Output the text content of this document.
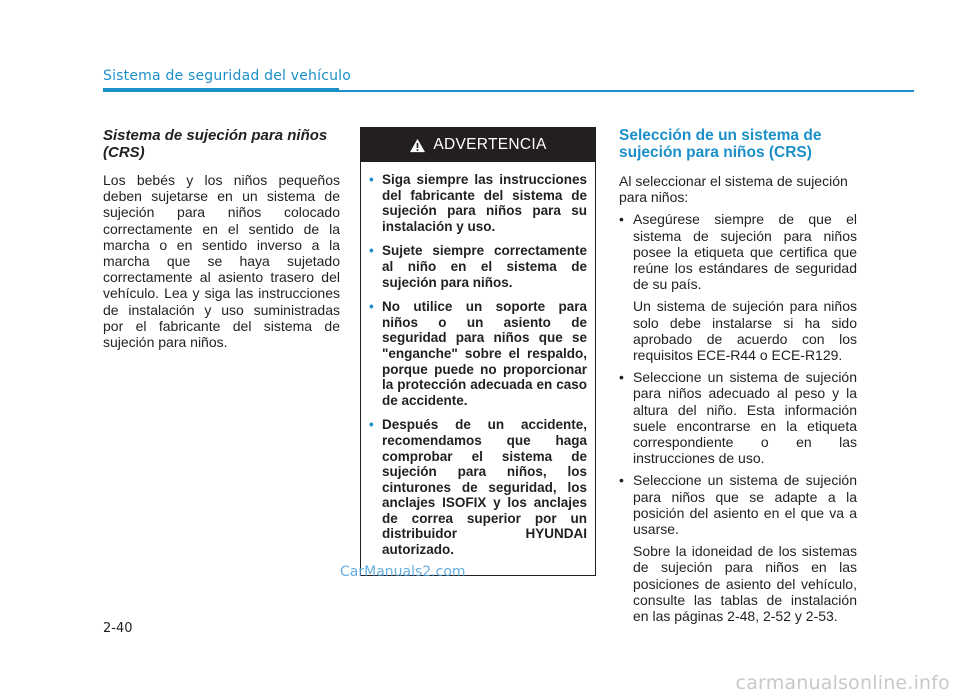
Sistema de seguridad del vehículo
Sistema de sujeción para niños (CRS)

Los bebés y los niños pequeños deben sujetarse en un sistema de sujeción para niños colocado correctamente en el sentido de la marcha o en sentido inverso a la marcha que se haya sujetado correctamente al asiento trasero del vehículo. Lea y siga las instrucciones de instalación y uso suministradas por el fabricante del sistema de sujeción para niños.

ADVERTENCIA
• Siga siempre las instrucciones del fabricante del sistema de sujeción para niños para su instalación y uso.
• Sujete siempre correctamente al niño en el sistema de sujeción para niños.
• No utilice un soporte para niños o un asiento de seguridad para niños que se "enganche" sobre el respaldo, porque puede no proporcionar la protección adecuada en caso de accidente.
• Después de un accidente, recomendamos que haga comprobar el sistema de sujeción para niños, los cinturones de seguridad, los anclajes ISOFIX y los anclajes de correa superior por un distribuidor HYUNDAI autorizado.
Selección de un sistema de sujeción para niños (CRS)

Al seleccionar el sistema de sujeción para niños:

• Asegúrese siempre de que el sistema de sujeción para niños posee la etiqueta que certifica que reúne los estándares de seguridad de su país.

Un sistema de sujeción para niños solo debe instalarse si ha sido aprobado de acuerdo con los requisitos ECE-R44 o ECE-R129.

• Seleccione un sistema de sujeción para niños adecuado al peso y la altura del niño. Esta información suele encontrarse en la etiqueta correspondiente o en las instrucciones de uso.
• Seleccione un sistema de sujeción para niños que se adapte a la posición del asiento en el que va a usarse.

Sobre la idoneidad de los sistemas de sujeción para niños en las posiciones de asiento del vehículo, consulte las tablas de instalación en las páginas 2-48, 2-52 y 2-53.

CarManuals2.com
2-40
carmanualsonline.info
